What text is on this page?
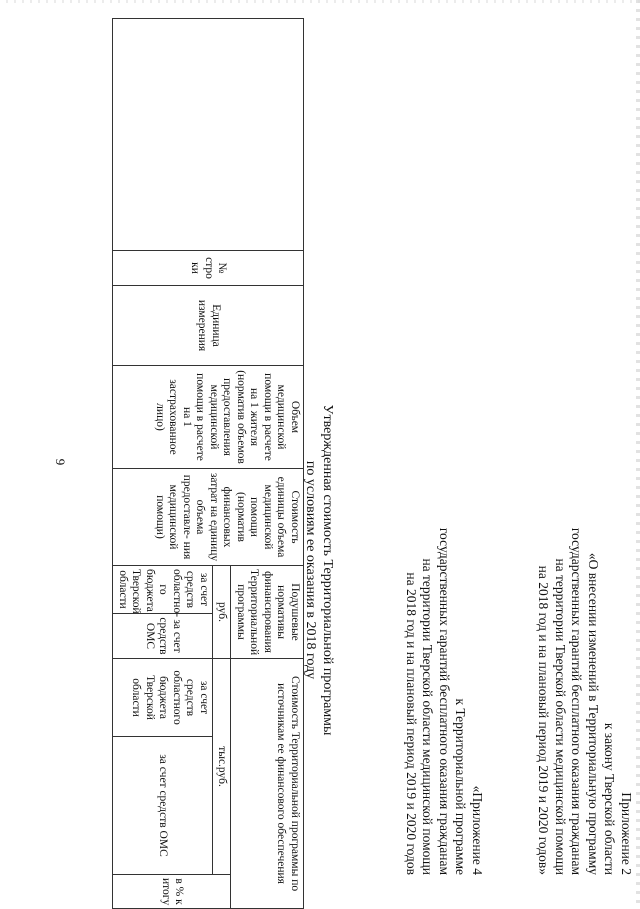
9
Приложение 2
к закону Тверской области
«О внесении изменений в Территориальную программу
государственных гарантий бесплатного оказания гражданам
на территории Тверской области медицинской помощи
на 2018 год и на плановый период 2019 и 2020 годов»
«Приложение 4
к Территориальной программе
государственных гарантий бесплатного оказания гражданам
на территории Тверской области медицинской помощи
на 2018 год и на плановый период 2019 и 2020 годов
Утвержденная стоимость Территориальной программы
по условиям ее оказания в 2018 году
	№ стро ки	Единица измерения	Объем медицинской помощи в расчете на 1 жителя (норматив объемов предоставления медицинской помощи в расчете на 1 застрахованное лицо)	Стоимость единицы объема медицинской помощи (норматив финансовых затрат на единицу объема предоставле- ния медицинской помощи)	Подушевые нормативы финансирования Территориальной программы		Стоимость Территориальной программы по источникам ее финансового обеспечения		
					руб.		тыс.руб.		в % к итогу
					за счет средств областно- го бюджета Тверской области	за счет средств ОМС	за счет средств областного бюджета Тверской области	за счет средств ОМС	
